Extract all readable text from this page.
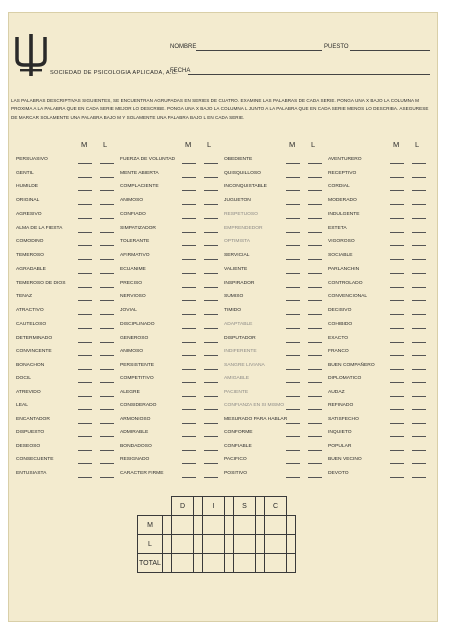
SOCIEDAD DE PSICOLOGIA APLICADA, A.C.
NOMBRE	PUESTO
FECHA
LAS PALABRAS DESCRIPTIVAS SIGUIENTES, SE ENCUENTRAN AGRUPADAS EN SERIES DE CUATRO. EXAMINE LAS PALABRAS DE CADA SERIE. PONGA UNA X BAJO LA COLUMNA M PROXIMA A LA PALABRA QUE EN CADA SERIE MEJOR LO DESCRIBE. PONGA UNA X BAJO LA COLUMNA L JUNTO A LA PALABRA QUE EN CADA SERIE MENOS LO DESCRIBA. ASEGURESE DE MARCAR SOLAMENTE UNA PALABRA BAJO M Y SOLAMENTE UNA PALABRA BAJO L EN CADA SERIE.
M L
PERSUASIVO
GENTIL
HUMILDE
ORIGINAL
AGRESIVO
ALMA DE LA FIESTA
COMODINO
TEMEROSO
AGRADABLE
TEMEROSO DE DIOS
TENAZ
ATRACTIVO
CAUTELOSO
DETERMINADO
CONVINCENTE
BONACHON
DOCIL
ATREVIDO
LEAL
ENCANTADOR
DISPUESTO
DESEOSO
CONSECUENTE
ENTUSIASTA
M L
FUERZA DE VOLUNTAD
MENTE ABIERTA
COMPLACIENTE
ANIMOSO
CONFIADO
SIMPATIZADOR
TOLERANTE
AFIRMATIVO
ECUANIME
PRECISO
NERVIOSO
JOVIAL
DISCIPLINADO
GENEROSO
ANIMOSO
PERSISTENTE
COMPETITIVO
ALEGRE
CONSIDERADO
ARMONIOSO
ADMIRABLE
BONDADOSO
RESIGNADO
CARACTER FIRME
M L
OBEDIENTE
QUISQUILLOSO
INCONQUISTABLE
JUGUETON
RESPETUOSO
EMPRENDEDOR
OPTIMISTA
SERVICIAL
VALIENTE
INSPIRADOR
SUMISO
TIMIDO
ADAPTABLE
DISPUTADOR
INDIFERENTE
SANGRE LIVIANA
AMIGABLE
PACIENTE
CONFIANZA EN SI MISMO
MESURADO PARA HABLAR
CONFORME
CONFIABLE
PACIFICO
POSITIVO
M L
AVENTURERO
RECEPTIVO
CORDIAL
MODERADO
INDULGENTE
ESTETA
VIGOROSO
SOCIABLE
PARLANCHIN
CONTROLADO
CONVENCIONAL
DECISIVO
COHIBIDO
EXACTO
FRANCO
BUEN COMPAÑERO
DIPLOMATICO
AUDAZ
REFINADO
SATISFECHO
INQUIETO
POPULAR
BUEN VECINO
DEVOTO
		D		I		S		C	
M									
L									
TOTAL									
